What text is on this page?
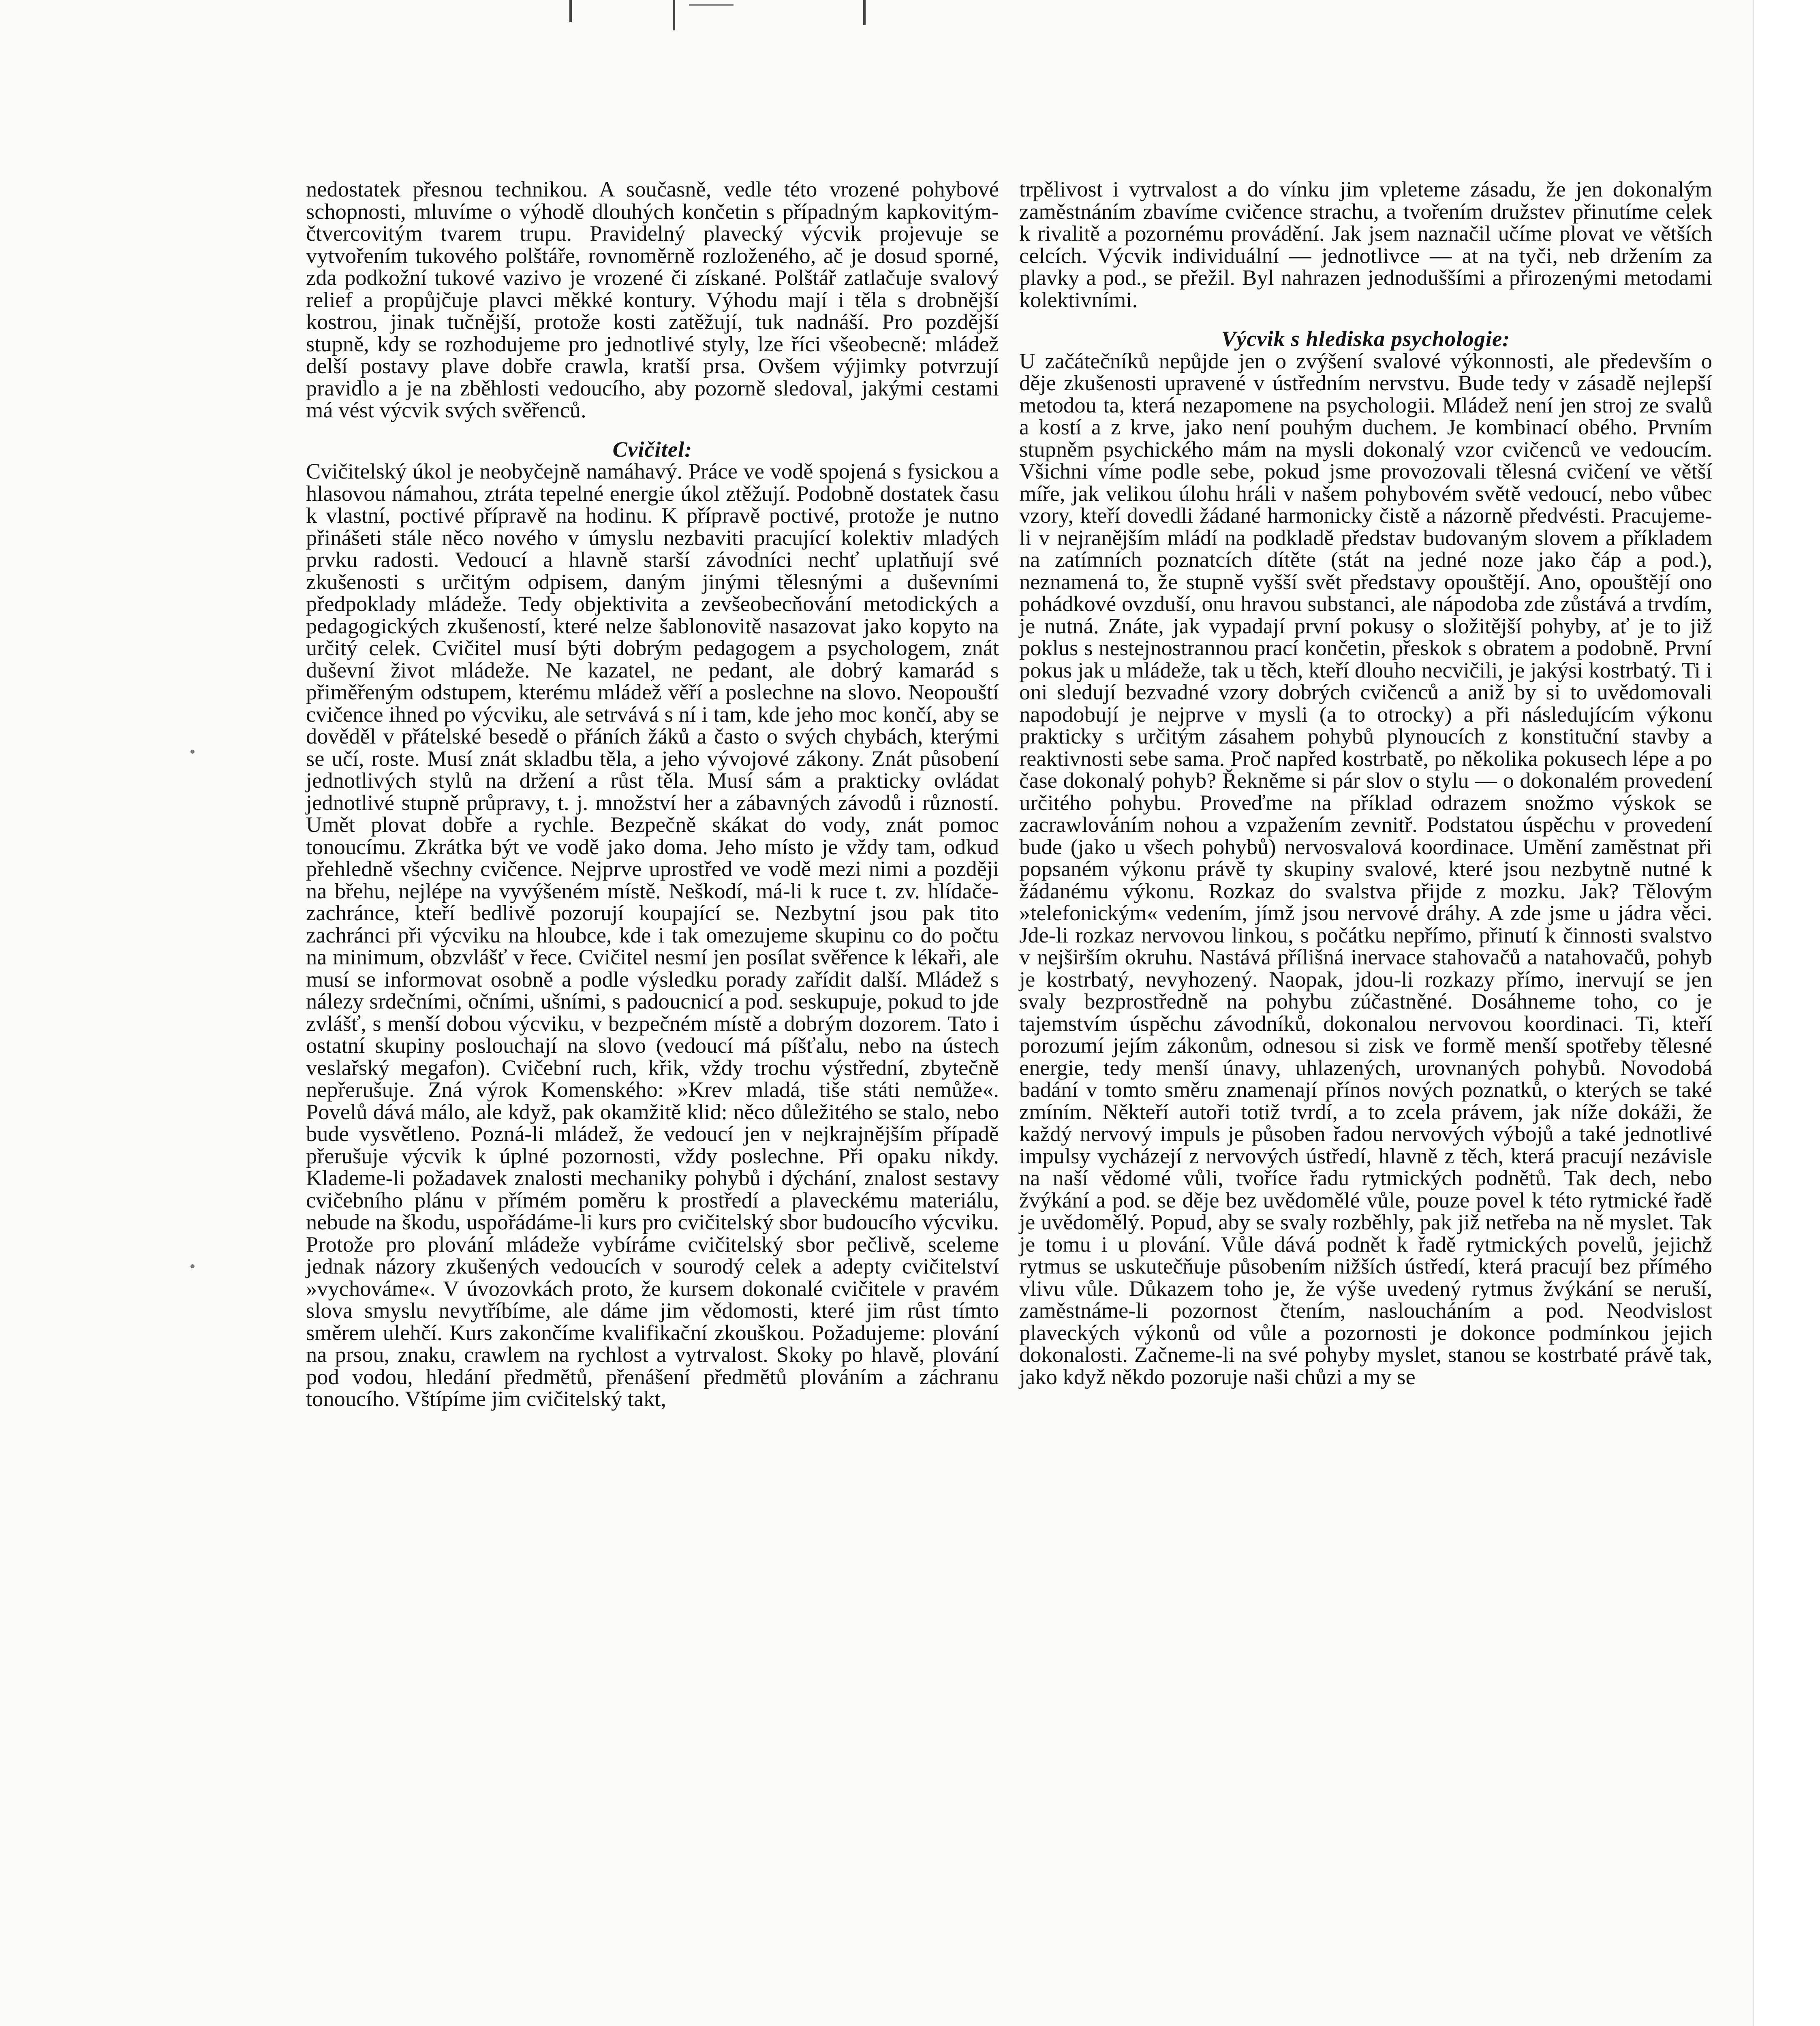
nedostatek přesnou technikou. A současně, vedle této vrozené pohybové schopnosti, mluvíme o výhodě dlouhých končetin s případným kapkovitým-čtvercovitým tvarem trupu. Pravidelný plavecký výcvik projevuje se vytvořením tukového polštáře, rovnoměrně rozloženého, ač je dosud sporné, zda podkožní tukové vazivo je vrozené či získané. Polštář zatlačuje svalový relief a propůjčuje plavci měkké kontury. Výhodu mají i těla s drobnější kostrou, jinak tučnější, protože kosti zatěžují, tuk nadnáší. Pro pozdější stupně, kdy se rozhodujeme pro jednotlivé styly, lze říci všeobecně: mládež delší postavy plave dobře crawla, kratší prsa. Ovšem výjimky potvrzují pravidlo a je na zběhlosti vedoucího, aby pozorně sledoval, jakými cestami má vést výcvik svých svěřenců.

Cvičitel:

Cvičitelský úkol je neobyčejně namáhavý. Práce ve vodě spojená s fysickou a hlasovou námahou, ztráta tepelné energie úkol ztěžují. Podobně dostatek času k vlastní, poctivé přípravě na hodinu. K přípravě poctivé, protože je nutno přinášeti stále něco nového v úmyslu nezbaviti pracující kolektiv mladých prvku radosti. Vedoucí a hlavně starší závodníci nechť uplatňují své zkušenosti s určitým odpisem, daným jinými tělesnými a duševními předpoklady mládeže. Tedy objektivita a zevšeobecňování metodických a pedagogických zkušeností, které nelze šablonovitě nasazovat jako kopyto na určitý celek. Cvičitel musí býti dobrým pedagogem a psychologem, znát duševní život mládeže. Ne kazatel, ne pedant, ale dobrý kamarád s přiměřeným odstupem, kterému mládež věří a poslechne na slovo. Neopouští cvičence ihned po výcviku, ale setrvává s ní i tam, kde jeho moc končí, aby se dověděl v přátelské besedě o přáních žáků a často o svých chybách, kterými se učí, roste. Musí znát skladbu těla, a jeho vývojové zákony. Znát působení jednotlivých stylů na držení a růst těla. Musí sám a prakticky ovládat jednotlivé stupně průpravy, t. j. množství her a zábavných závodů i růzností. Umět plovat dobře a rychle. Bezpečně skákat do vody, znát pomoc tonoucímu. Zkrátka být ve vodě jako doma. Jeho místo je vždy tam, odkud přehledně všechny cvičence. Nejprve uprostřed ve vodě mezi nimi a později na břehu, nejlépe na vyvýšeném místě. Neškodí, má-li k ruce t. zv. hlídače-zachránce, kteří bedlivě pozorují koupající se. Nezbytní jsou pak tito zachránci při výcviku na hloubce, kde i tak omezujeme skupinu co do počtu na minimum, obzvlášť v řece. Cvičitel nesmí jen posílat svěřence k lékaři, ale musí se informovat osobně a podle výsledku porady zařídit další. Mládež s nálezy srdečními, očními, ušními, s padoucnicí a pod. seskupuje, pokud to jde zvlášť, s menší dobou výcviku, v bezpečném místě a dobrým dozorem. Tato i ostatní skupiny poslouchají na slovo (vedoucí má píšťalu, nebo na ústech veslařský megafon). Cvičební ruch, křik, vždy trochu výstřední, zbytečně nepřerušuje. Zná výrok Komenského: »Krev mladá, tiše státi nemůže«. Povelů dává málo, ale když, pak okamžitě klid: něco důležitého se stalo, nebo bude vysvětleno. Pozná-li mládež, že vedoucí jen v nejkrajnějším případě přerušuje výcvik k úplné pozornosti, vždy poslechne. Při opaku nikdy. Klademe-li požadavek znalosti mechaniky pohybů i dýchání, znalost sestavy cvičebního plánu v přímém poměru k prostředí a plaveckému materiálu, nebude na škodu, uspořádáme-li kurs pro cvičitelský sbor budoucího výcviku. Protože pro plování mládeže vybíráme cvičitelský sbor pečlivě, sceleme jednak názory zkušených vedoucích v sourodý celek a adepty cvičitelství »vychováme«. V úvozovkách proto, že kursem dokonalé cvičitele v pravém slova smyslu nevytříbíme, ale dáme jim vědomosti, které jim růst tímto směrem ulehčí. Kurs zakončíme kvalifikační zkouškou. Požadujeme: plování na prsou, znaku, crawlem na rychlost a vytrvalost. Skoky po hlavě, plování pod vodou, hledání předmětů, přenášení předmětů plováním a záchranu tonoucího. Vštípíme jim cvičitelský takt,

trpělivost i vytrvalost a do vínku jim vpleteme zásadu, že jen dokonalým zaměstnáním zbavíme cvičence strachu, a tvořením družstev přinutíme celek k rivalitě a pozornému provádění. Jak jsem naznačil učíme plovat ve větších celcích. Výcvik individuální — jednotlivce — at na tyči, neb držením za plavky a pod., se přežil. Byl nahrazen jednoduššími a přirozenými metodami kolektivními.

Výcvik s hlediska psychologie:

U začátečníků nepůjde jen o zvýšení svalové výkonnosti, ale především o děje zkušenosti upravené v ústředním nervstvu. Bude tedy v zásadě nejlepší metodou ta, která nezapomene na psychologii. Mládež není jen stroj ze svalů a kostí a z krve, jako není pouhým duchem. Je kombinací obého. Prvním stupněm psychického mám na mysli dokonalý vzor cvičenců ve vedoucím. Všichni víme podle sebe, pokud jsme provozovali tělesná cvičení ve větší míře, jak velikou úlohu hráli v našem pohybovém světě vedoucí, nebo vůbec vzory, kteří dovedli žádané harmonicky čistě a názorně předvésti. Pracujeme-li v nejranějším mládí na podkladě představ budovaným slovem a příkladem na zatímních poznatcích dítěte (stát na jedné noze jako čáp a pod.), neznamená to, že stupně vyšší svět představy opouštějí. Ano, opouštějí ono pohádkové ovzduší, onu hravou substanci, ale nápodoba zde zůstává a trvdím, je nutná. Znáte, jak vypadají první pokusy o složitější pohyby, ať je to již poklus s nestejnostrannou prací končetin, přeskok s obratem a podobně. První pokus jak u mládeže, tak u těch, kteří dlouho necvičili, je jakýsi kostrbatý. Ti i oni sledují bezvadné vzory dobrých cvičenců a aniž by si to uvědomovali napodobují je nejprve v mysli (a to otrocky) a při následujícím výkonu prakticky s určitým zásahem pohybů plynoucích z konstituční stavby a reaktivnosti sebe sama. Proč napřed kostrbatě, po několika pokusech lépe a po čase dokonalý pohyb? Řekněme si pár slov o stylu — o dokonalém provedení určitého pohybu. Proveďme na příklad odrazem snožmo výskok se zacrawlováním nohou a vzpažením zevnitř. Podstatou úspěchu v provedení bude (jako u všech pohybů) nervosvalová koordinace. Umění zaměstnat při popsaném výkonu právě ty skupiny svalové, které jsou nezbytně nutné k žádanému výkonu. Rozkaz do svalstva přijde z mozku. Jak? Tělovým »telefonickým« vedením, jímž jsou nervové dráhy. A zde jsme u jádra věci. Jde-li rozkaz nervovou linkou, s počátku nepřímo, přinutí k činnosti svalstvo v nejširším okruhu. Nastává přílišná inervace stahovačů a natahovačů, pohyb je kostrbatý, nevyhozený. Naopak, jdou-li rozkazy přímo, inervují se jen svaly bezprostředně na pohybu zúčastněné. Dosáhneme toho, co je tajemstvím úspěchu závodníků, dokonalou nervovou koordinaci. Ti, kteří porozumí jejím zákonům, odnesou si zisk ve formě menší spotřeby tělesné energie, tedy menší únavy, uhlazených, urovnaných pohybů. Novodobá badání v tomto směru znamenají přínos nových poznatků, o kterých se také zmíním. Někteří autoři totiž tvrdí, a to zcela právem, jak níže dokáži, že každý nervový impuls je působen řadou nervových výbojů a také jednotlivé impulsy vycházejí z nervových ústředí, hlavně z těch, která pracují nezávisle na naší vědomé vůli, tvoříce řadu rytmických podnětů. Tak dech, nebo žvýkání a pod. se děje bez uvědomělé vůle, pouze povel k této rytmické řadě je uvědomělý. Popud, aby se svaly rozběhly, pak již netřeba na ně myslet. Tak je tomu i u plování. Vůle dává podnět k řadě rytmických povelů, jejichž rytmus se uskutečňuje působením nižších ústředí, která pracují bez přímého vlivu vůle. Důkazem toho je, že výše uvedený rytmus žvýkání se neruší, zaměstnáme-li pozornost čtením, nasloucháním a pod. Neodvislost plaveckých výkonů od vůle a pozornosti je dokonce podmínkou jejich dokonalosti. Začneme-li na své pohyby myslet, stanou se kostrbaté právě tak, jako když někdo pozoruje naši chůzi a my se
